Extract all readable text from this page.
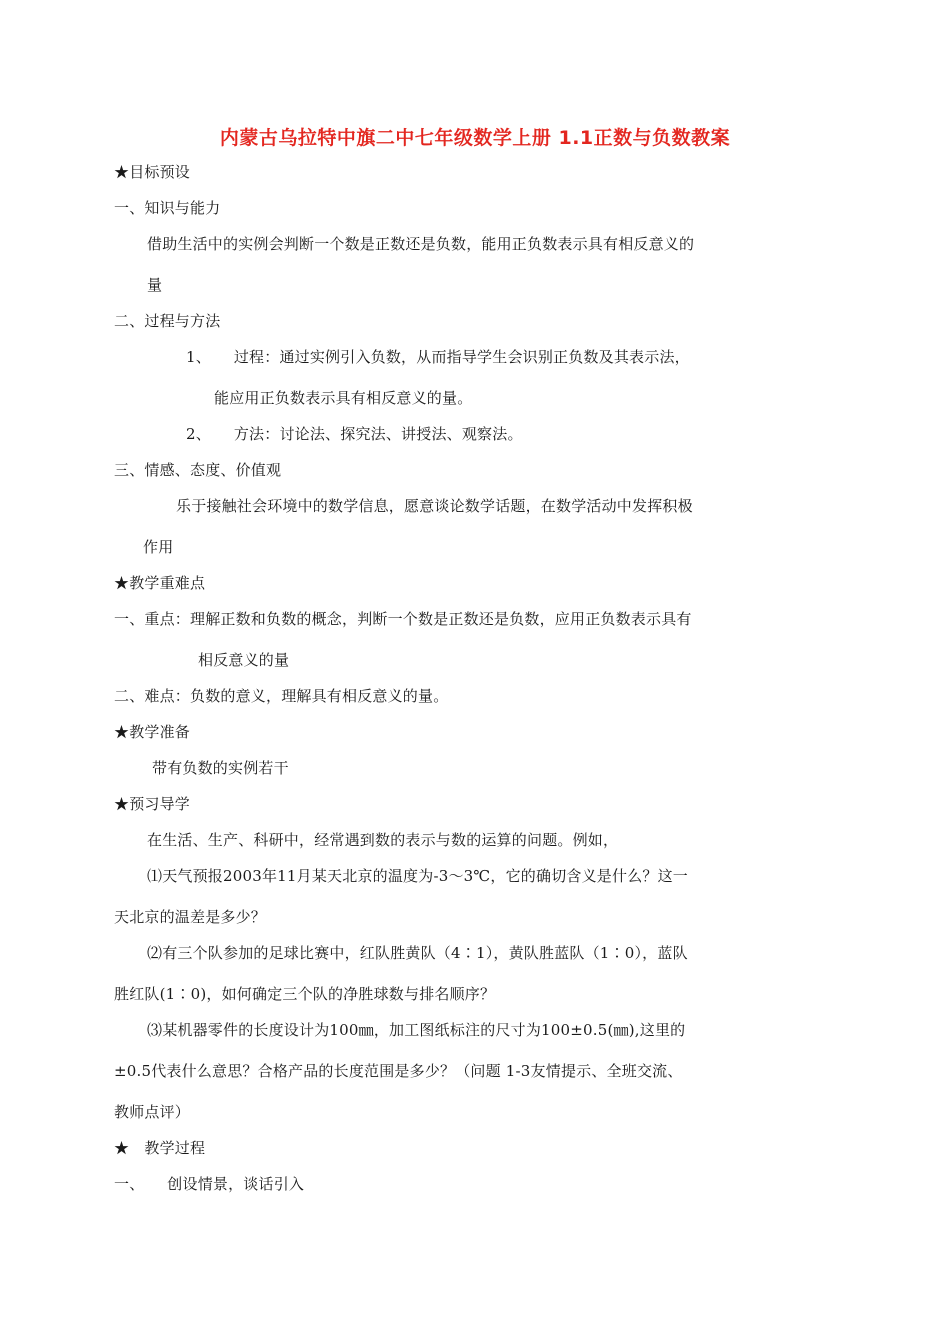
内蒙古乌拉特中旗二中七年级数学上册 1.1正数与负数教案
★目标预设
一、知识与能力
借助生活中的实例会判断一个数是正数还是负数，能用正负数表示具有相反意义的
量
二、过程与方法
1、　　过程：通过实例引入负数，从而指导学生会识别正负数及其表示法，
能应用正负数表示具有相反意义的量。
2、　　方法：讨论法、探究法、讲授法、观察法。
三、情感、态度、价值观
乐于接触社会环境中的数学信息，愿意谈论数学话题，在数学活动中发挥积极
作用
★教学重难点
一、重点：理解正数和负数的概念，判断一个数是正数还是负数，应用正负数表示具有
相反意义的量
二、难点：负数的意义，理解具有相反意义的量。
★教学准备
带有负数的实例若干
★预习导学
在生活、生产、科研中，经常遇到数的表示与数的运算的问题。例如，
⑴天气预报2003年11月某天北京的温度为-3～3℃，它的确切含义是什么？这一
天北京的温差是多少？
⑵有三个队参加的足球比赛中，红队胜黄队（4∶1），黄队胜蓝队（1∶0），蓝队
胜红队(1∶0)，如何确定三个队的净胜球数与排名顺序？
⑶某机器零件的长度设计为100㎜，加工图纸标注的尺寸为100±0.5(㎜),这里的
±0.5代表什么意思？合格产品的长度范围是多少？（问题 1-3友情提示、全班交流、
教师点评）
★　教学过程
一、　　创设情景，谈话引入
